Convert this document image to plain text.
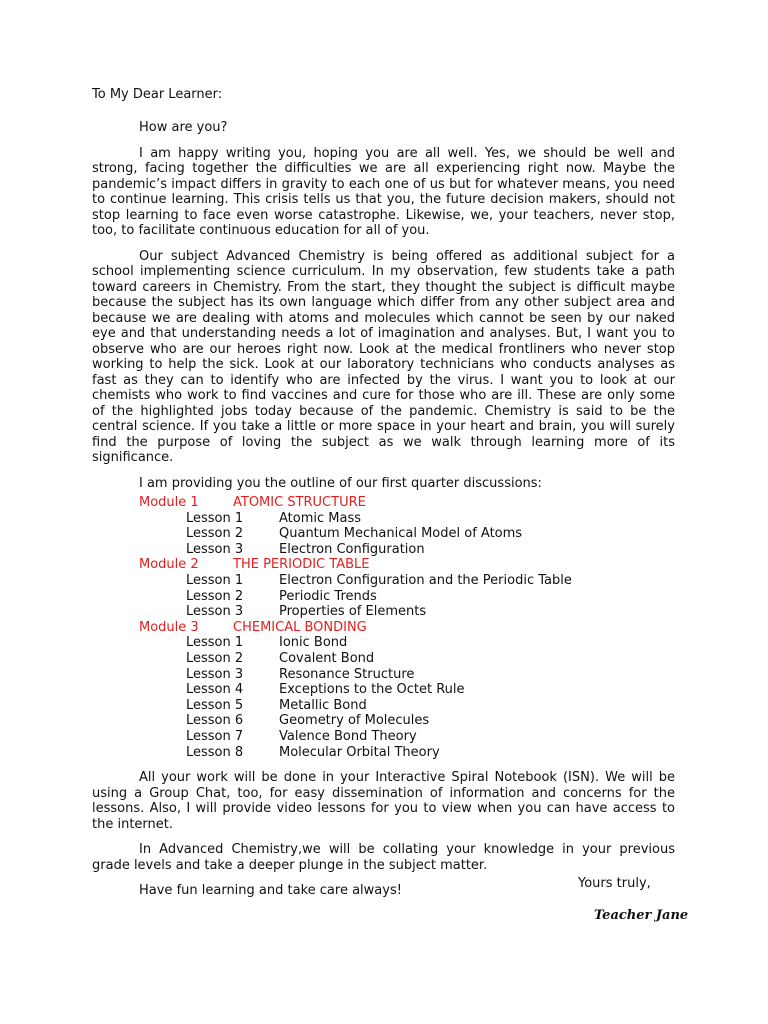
To My Dear Learner:

How are you?

I am happy writing you, hoping you are all well. Yes, we should be well and strong, facing together the difficulties we are all experiencing right now. Maybe the pandemic’s impact differs in gravity to each one of us but for whatever means, you need to continue learning. This crisis tells us that you, the future decision makers, should not stop learning to face even worse catastrophe. Likewise, we, your teachers, never stop, too, to facilitate continuous education for all of you.

Our subject Advanced Chemistry is being offered as additional subject for a school implementing science curriculum. In my observation, few students take a path toward careers in Chemistry. From the start, they thought the subject is difficult maybe because the subject has its own language which differ from any other subject area and because we are dealing with atoms and molecules which cannot be seen by our naked eye and that understanding needs a lot of imagination and analyses. But, I want you to observe who are our heroes right now. Look at the medical frontliners who never stop working to help the sick. Look at our laboratory technicians who conducts analyses as fast as they can to identify who are infected by the virus. I want you to look at our chemists who work to find vaccines and cure for those who are ill. These are only some of the highlighted jobs today because of the pandemic. Chemistry is said to be the central science. If you take a little or more space in your heart and brain, you will surely find the purpose of loving the subject as we walk through learning more of its significance.

I am providing you the outline of our first quarter discussions:

Module 1	ATOMIC STRUCTURE
Lesson 1	Atomic Mass
Lesson 2	Quantum Mechanical Model of Atoms
Lesson 3	Electron Configuration
Module 2	THE PERIODIC TABLE
Lesson 1	Electron Configuration and the Periodic Table
Lesson 2	Periodic Trends
Lesson 3	Properties of Elements
Module 3	CHEMICAL BONDING
Lesson 1	Ionic Bond
Lesson 2	Covalent Bond
Lesson 3	Resonance Structure
Lesson 4	Exceptions to the Octet Rule
Lesson 5	Metallic Bond
Lesson 6	Geometry of Molecules
Lesson 7	Valence Bond Theory
Lesson 8	Molecular Orbital Theory

All your work will be done in your Interactive Spiral Notebook (ISN). We will be using a Group Chat, too, for easy dissemination of information and concerns for the lessons. Also, I will provide video lessons for you to view when you can have access to the internet.

In Advanced Chemistry,we will be collating your knowledge in your previous grade levels and take a deeper plunge in the subject matter.

Have fun learning and take care always!	Yours truly,

Teacher Jane
